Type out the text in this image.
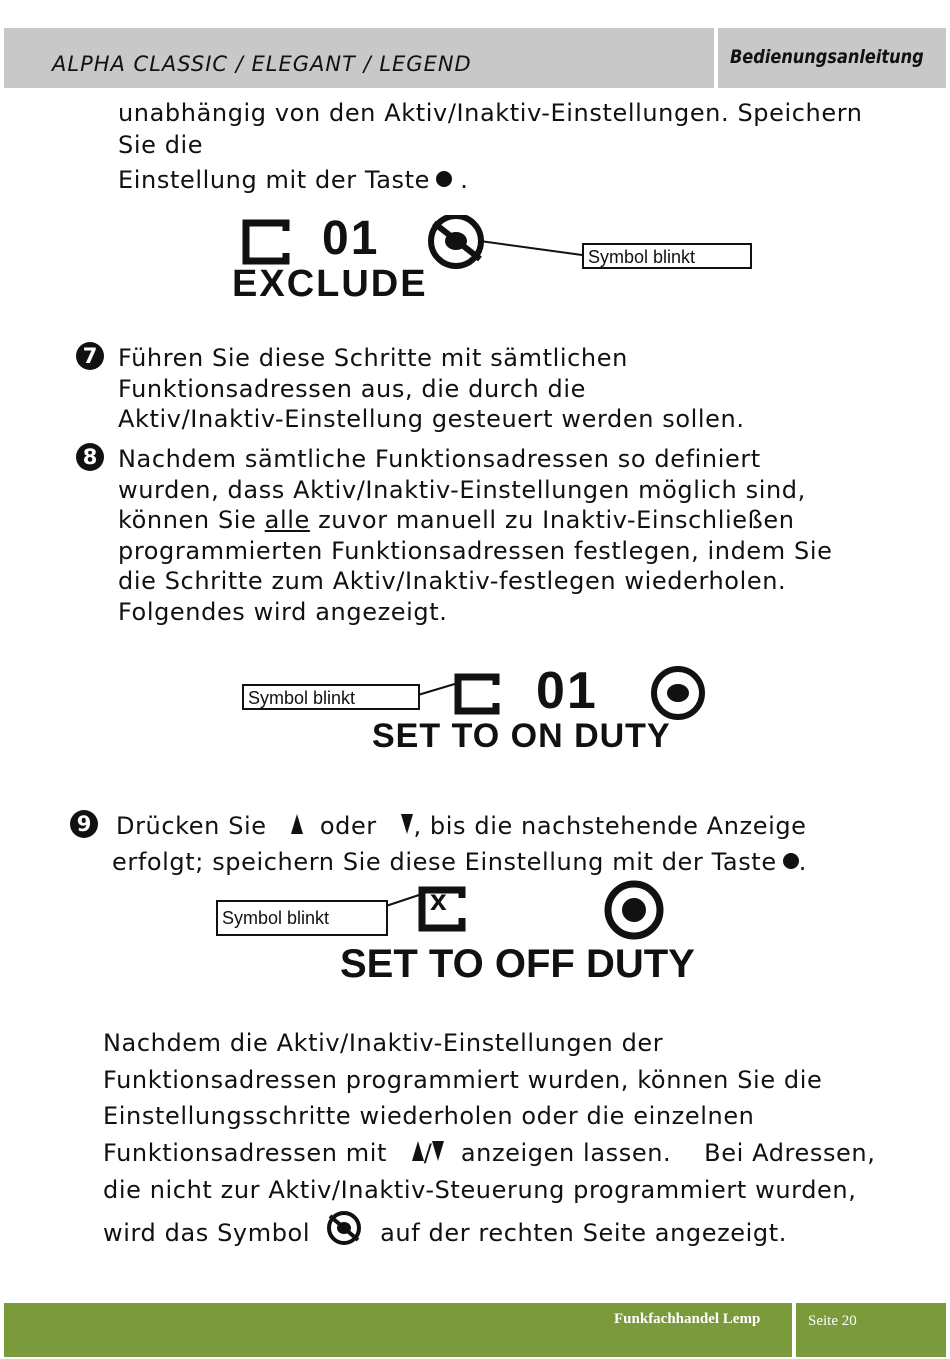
ALPHA CLASSIC / ELEGANT / LEGEND	Bedienungsanleitung
unabhängig von den Aktiv/Inaktiv-Einstellungen. Speichern
Sie die
Einstellung mit der Taste .
01
EXCLUDE
Symbol blinkt
7 Führen Sie diese Schritte mit sämtlichen
Funktionsadressen aus, die durch die
Aktiv/Inaktiv-Einstellung gesteuert werden sollen.
8 Nachdem sämtliche Funktionsadressen so definiert
wurden, dass Aktiv/Inaktiv-Einstellungen möglich sind,
können Sie alle zuvor manuell zu Inaktiv-Einschließen
programmierten Funktionsadressen festlegen, indem Sie
die Schritte zum Aktiv/Inaktiv-festlegen wiederholen.
Folgendes wird angezeigt.
01
SET TO ON DUTY
Symbol blinkt
9 Drücken Sie oder , bis die nachstehende Anzeige
erfolgt; speichern Sie diese Einstellung mit der Taste .
x
SET TO OFF DUTY
Symbol blinkt
Nachdem die Aktiv/Inaktiv-Einstellungen der
Funktionsadressen programmiert wurden, können Sie die
Einstellungsschritte wiederholen oder die einzelnen
Funktionsadressen mit / anzeigen lassen. Bei Adressen,
die nicht zur Aktiv/Inaktiv-Steuerung programmiert wurden,
wird das Symbol	auf der rechten Seite angezeigt.
Funkfachhandel Lemp	Seite 20
